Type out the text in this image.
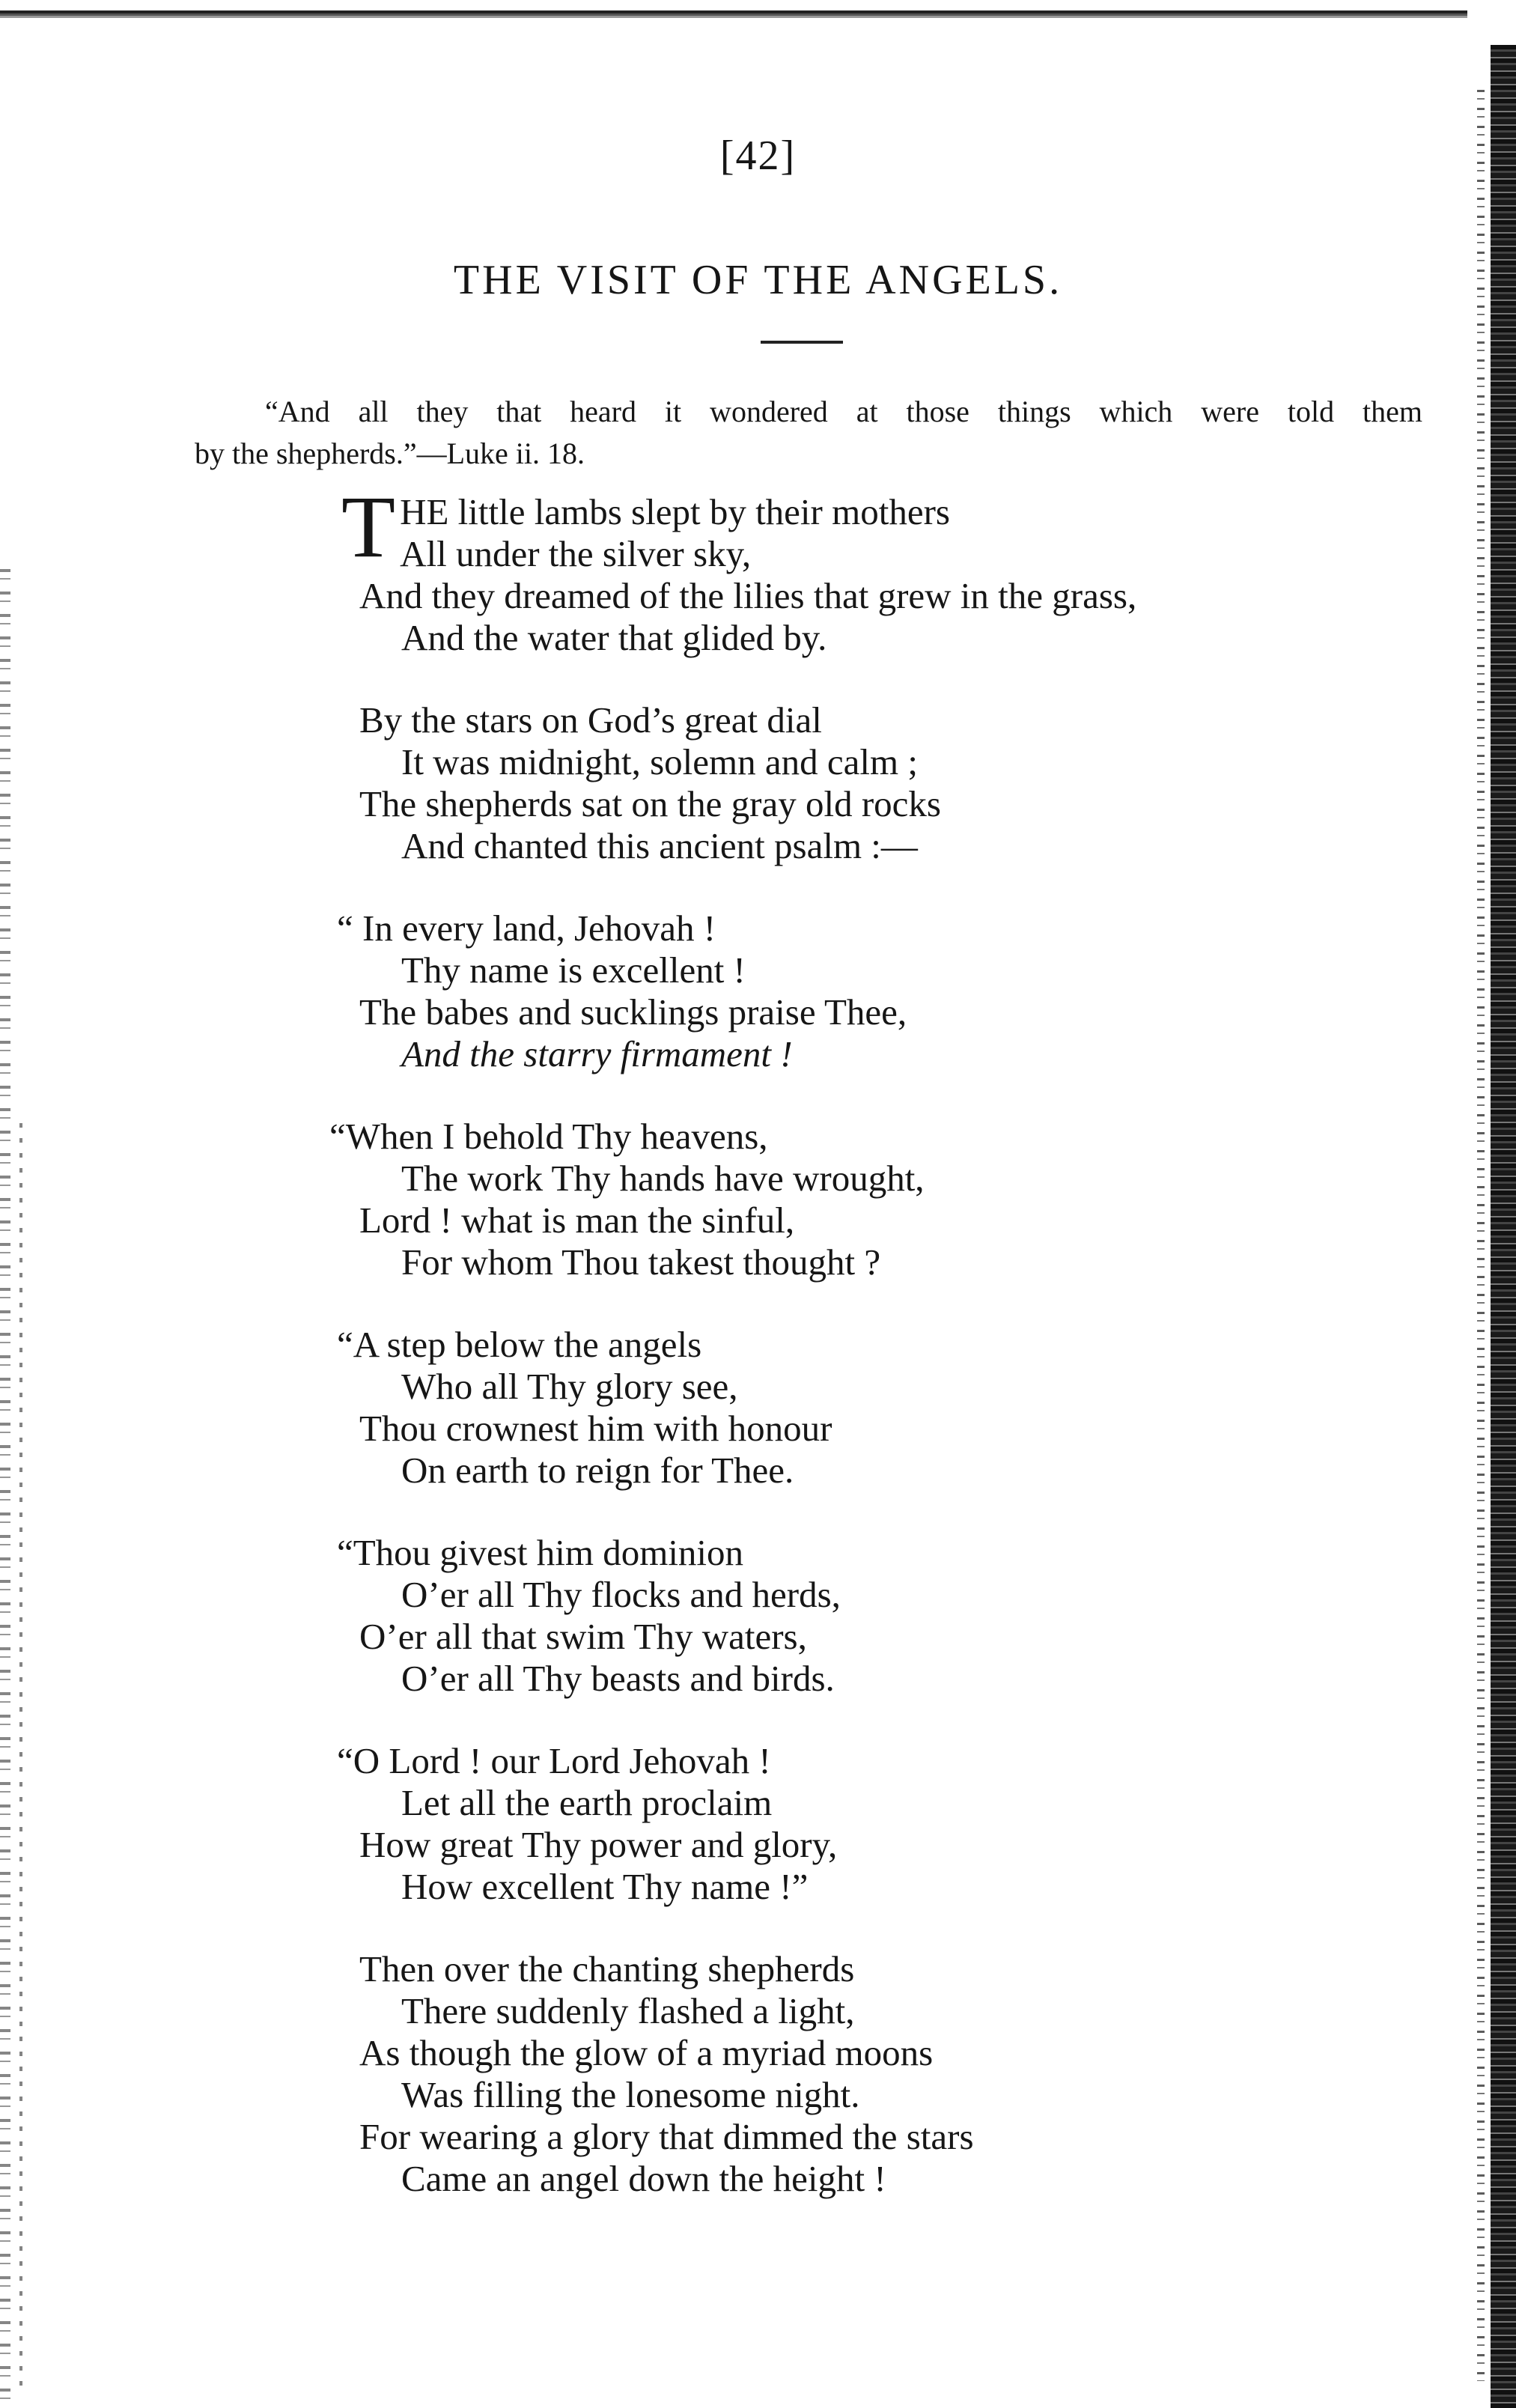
[42]
THE VISIT OF THE ANGELS.
“And all they that heard it wondered at those things which were told them
by the shepherds.”—Luke ii. 18.
T HE little lambs slept by their mothers
All under the silver sky,
And they dreamed of the lilies that grew in the grass,
And the water that glided by.
By the stars on God’s great dial
It was midnight, solemn and calm ;
The shepherds sat on the gray old rocks
And chanted this ancient psalm :—
“ In every land, Jehovah !
Thy name is excellent !
The babes and sucklings praise Thee,
And the starry firmament !
“When I behold Thy heavens,
The work Thy hands have wrought,
Lord ! what is man the sinful,
For whom Thou takest thought ?
“A step below the angels
Who all Thy glory see,
Thou crownest him with honour
On earth to reign for Thee.
“Thou givest him dominion
O’er all Thy flocks and herds,
O’er all that swim Thy waters,
O’er all Thy beasts and birds.
“O Lord ! our Lord Jehovah !
Let all the earth proclaim
How great Thy power and glory,
How excellent Thy name !”
Then over the chanting shepherds
There suddenly flashed a light,
As though the glow of a myriad moons
Was filling the lonesome night.
For wearing a glory that dimmed the stars
Came an angel down the height !
